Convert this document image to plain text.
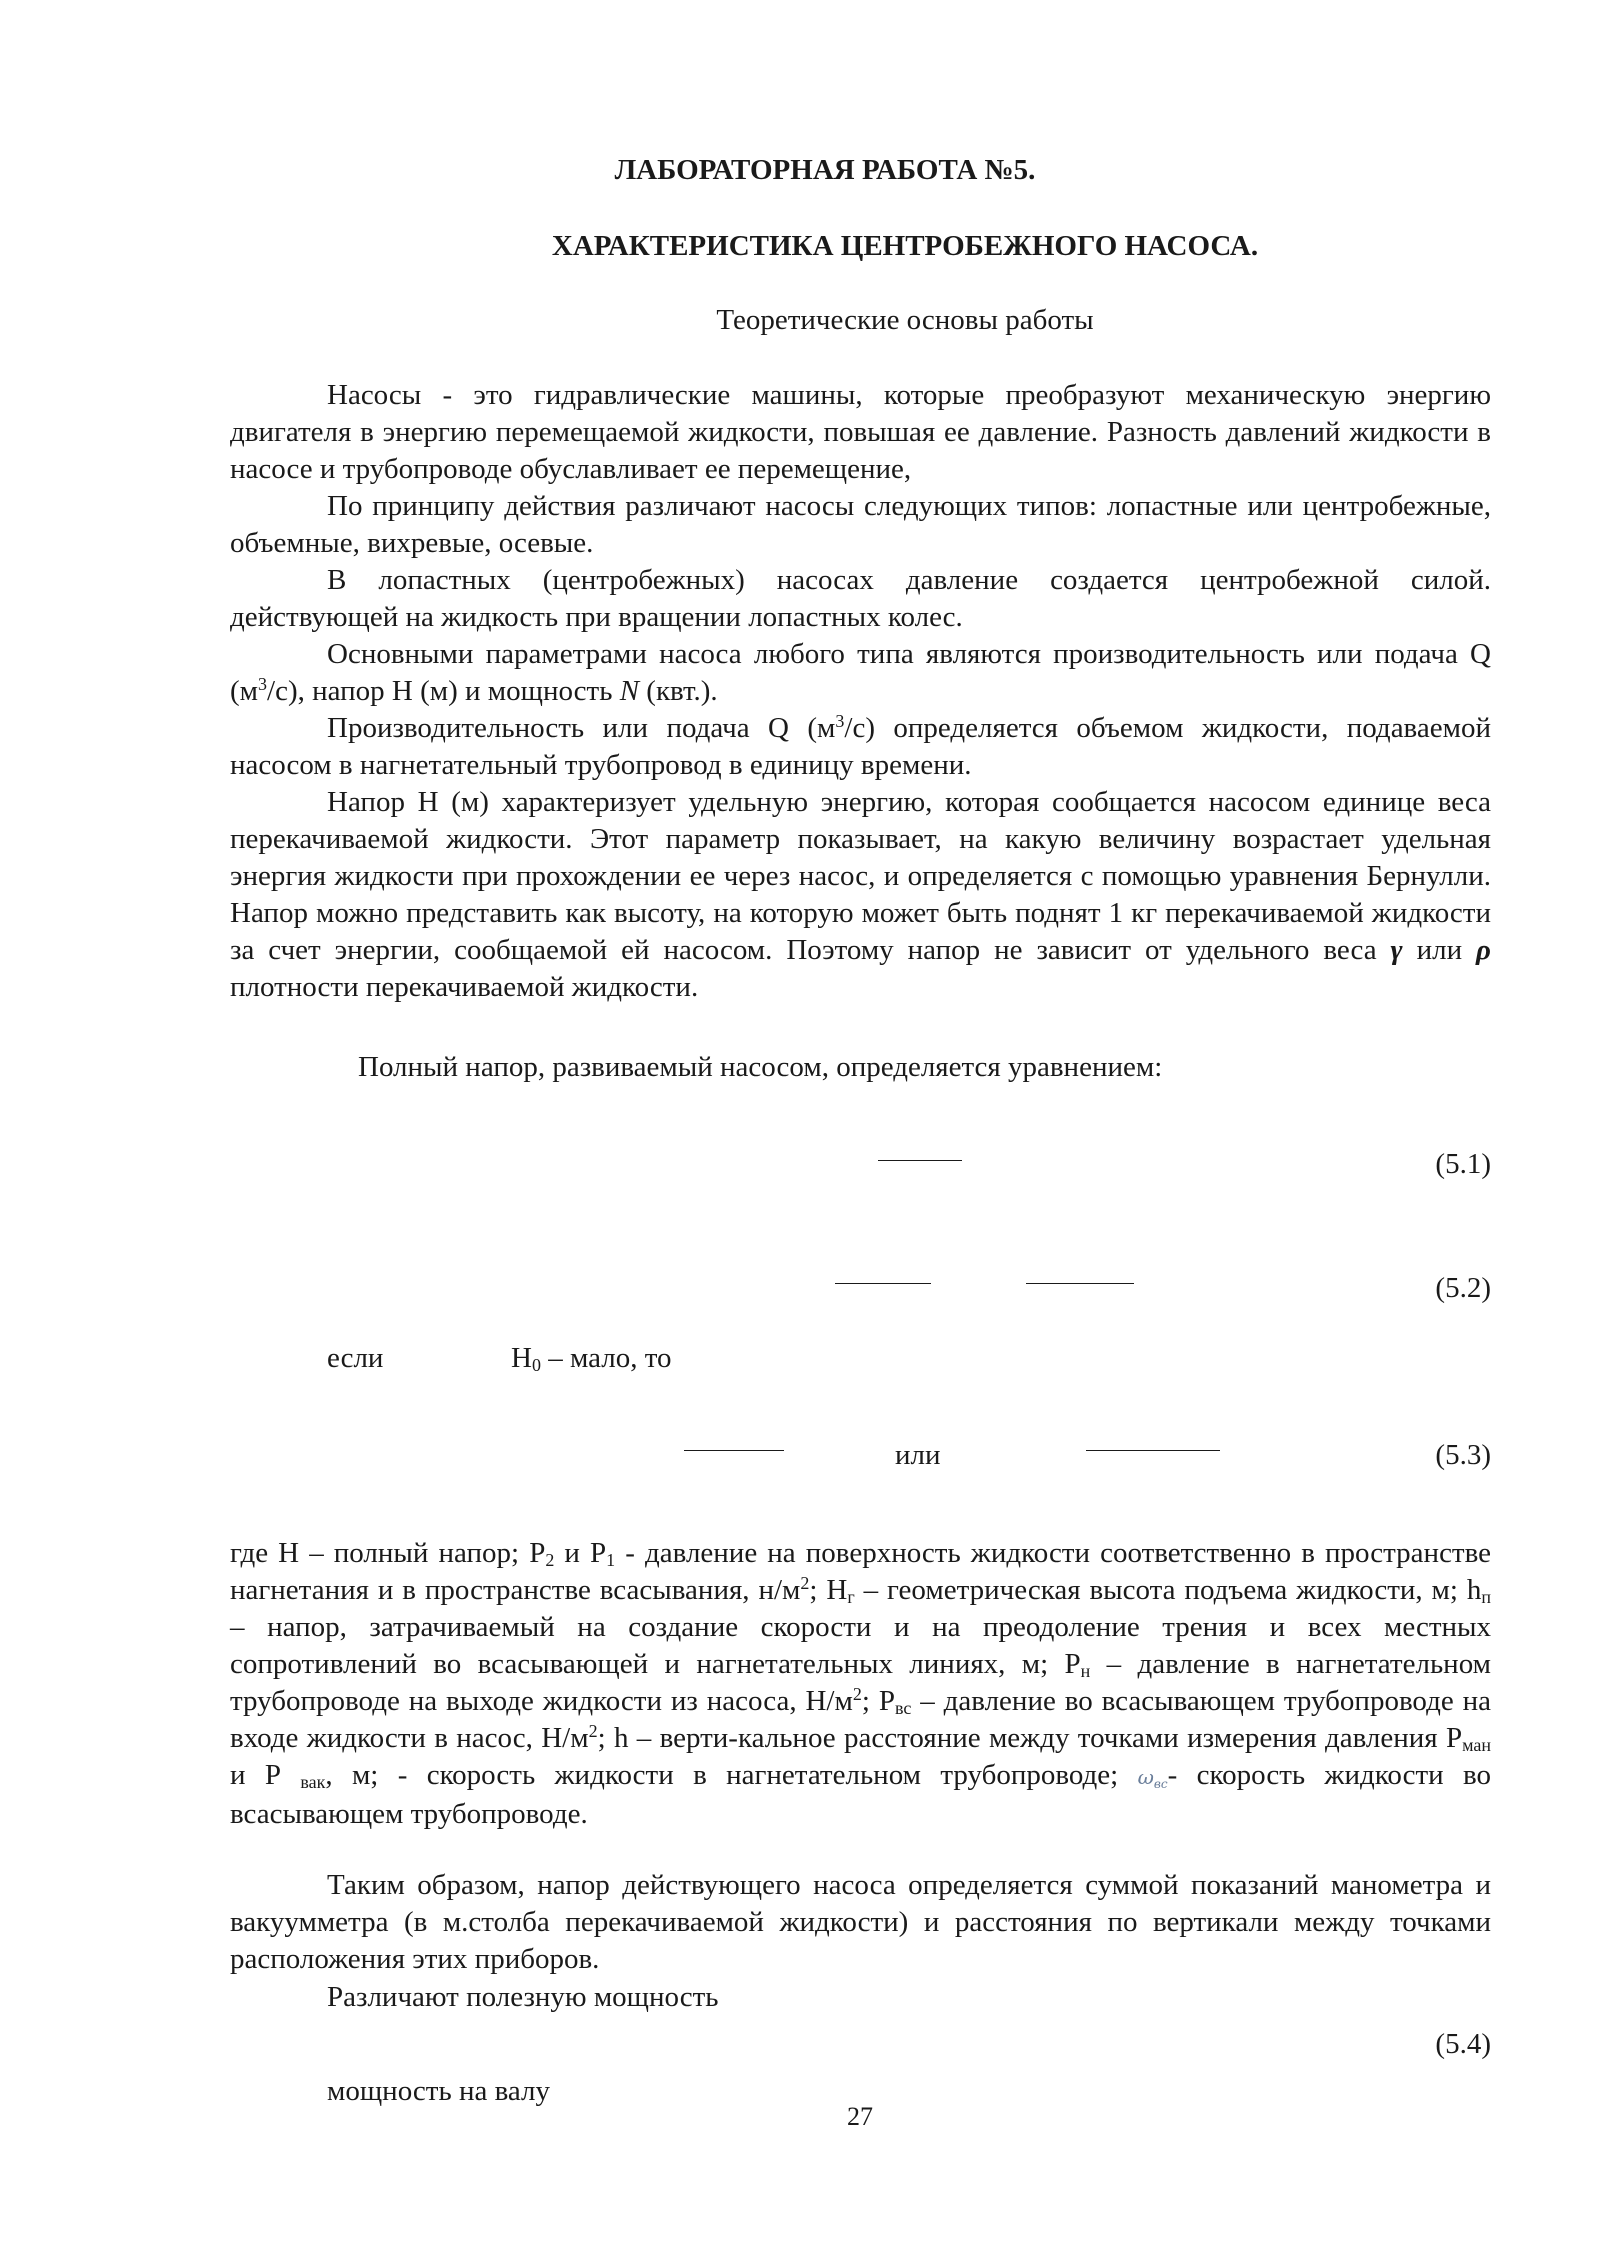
ЛАБОРАТОРНАЯ РАБОТА №5.
ХАРАКТЕРИСТИКА ЦЕНТРОБЕЖНОГО НАСОСА.
Теоретические основы работы

Насосы - это гидравлические машины, которые преобразуют механическую энергию двигателя в энергию перемещаемой жидкости, повышая ее давление. Разность давлений жидкости в насосе и трубопроводе обуславливает ее перемещение,

По принципу действия различают насосы следующих типов: лопастные или центробежные, объемные, вихревые, осевые.

В лопастных (центробежных) насосах давление создается центробежной силой. действующей на жидкость при вращении лопастных колес.

Основными параметрами насоса любого типа являются производительность или подача Q $(м^3/с)$, напор Н (м) и мощность N (квт.).

Производительность или подача Q $(м^3/с)$ определяется объемом жидкости, подаваемой насосом в нагнетательный трубопровод в единицу времени.

Напор Н (м) характеризует удельную энергию, которая сообщается насосом единице веса перекачиваемой жидкости. Этот параметр показывает, на какую величину возрастает удельная энергия жидкости при прохождении ее через насос, и определяется с помощью уравнения Бернулли. Напор можно представить как высоту, на которую может быть поднят 1 кг перекачиваемой жидкости за счет энергии, сообщаемой ей насосом. Поэтому напор не зависит от удельного веса γ или ρ плотности перекачиваемой жидкости.

Полный напор, развиваемый насосом, определяется уравнением:
(5.1)
(5.2)
если	$H_0$ – мало, то
или	(5.3)

где Н – полный напор; $Р_2$ и $Р_1$ - давление на поверхность жидкости соответственно в пространстве нагнетания и в пространстве всасывания, $н/м^2$; $Н_г$ – геометрическая высота подъема жидкости, м; $h_п$ – напор, затрачиваемый на создание скорости и на преодоление трения и всех местных сопротивлений во всасывающей и нагнетательных линиях, м; $Р_н$ – давление в нагнетательном трубопроводе на выходе жидкости из насоса, $Н/м^2$; $Р_{вс}$ – давление во всасывающем трубопроводе на входе жидкости в насос, $Н/м^2$; h – верти-кальное расстояние между точками измерения давления $Р_{ман}$ и Р $_{вак}$, м; - скорость жидкости в нагнетательном трубопроводе; $\omega_{вс}-$ скорость жидкости во всасывающем трубопроводе.

Таким образом, напор действующего насоса определяется суммой показаний манометра и вакуумметра (в м.столба перекачиваемой жидкости) и расстояния по вертикали между точками расположения этих приборов.

Различают полезную мощность
(5.4)
мощность на валу
27
